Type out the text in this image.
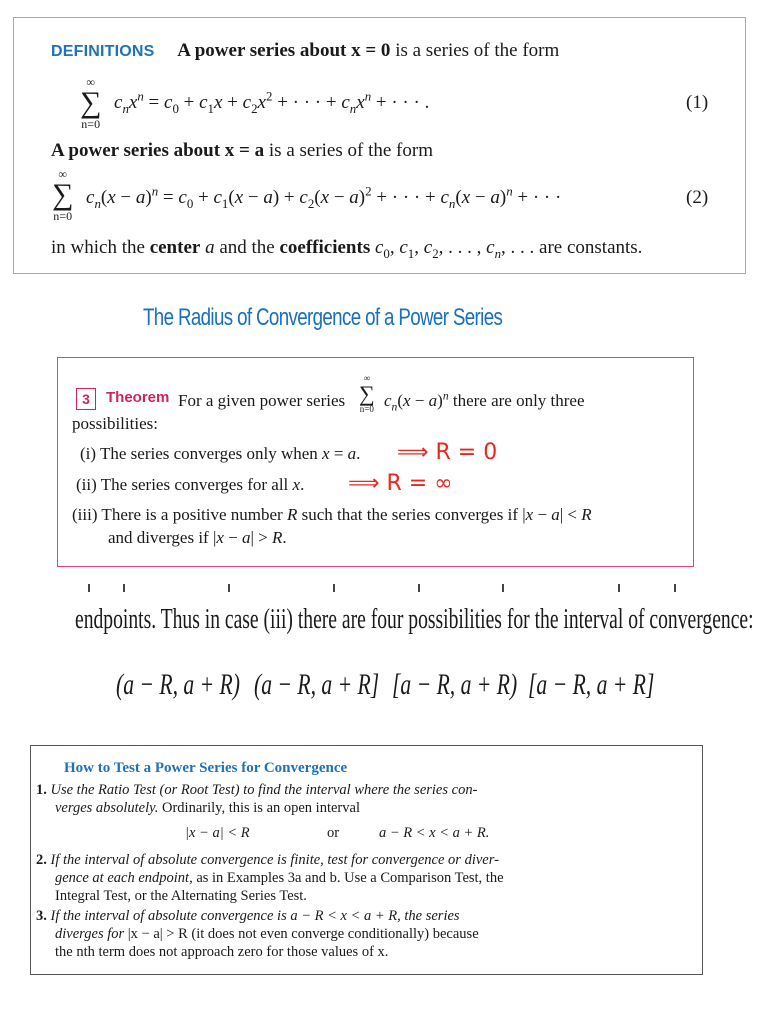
DEFINITIONS A power series about x = 0 is a series of the form
∞
∑
n=0
$c_nx^n = c_0 + c_1x + c_2x^2$ + · · · + $c_nx^n$ + · · · .	(1)
A power series about x = a is a series of the form
∞
∑
n=0
$c_n(x - a)^n = c_0 + c_1(x - a) + c_2(x - a)^2$ + · · · + $c_n(x - a)^n$ + · · ·	(2)
in which the center a and the coefficients $c_0$, $c_1$, $c_2$, . . . , $c_n$, . . . are constants.
The Radius of Convergence of a Power Series
3	Theorem For a given power series
∞
∑
n=0 $c_n(x - a)^n$ there are only three
possibilities:
(i) The series converges only when x = a. ⟹ R = 0
(ii) The series converges for all x. ⟹ R = ∞
(iii) There is a positive number R such that the series converges if |x − a| < R
and diverges if |x − a| > R.
endpoints. Thus in case (iii) there are four possibilities for the interval of convergence:
(a − R, a + R) (a − R, a + R] [a − R, a + R) [a − R, a + R]
How to Test a Power Series for Convergence
1. Use the Ratio Test (or Root Test) to find the interval where the series con-
verges absolutely. Ordinarily, this is an open interval
|x − a| < R	or	a − R < x < a + R.
2. If the interval of absolute convergence is finite, test for convergence or diver-
gence at each endpoint, as in Examples 3a and b. Use a Comparison Test, the
Integral Test, or the Alternating Series Test.
3. If the interval of absolute convergence is a − R < x < a + R, the series
diverges for |x − a| > R (it does not even converge conditionally) because
the nth term does not approach zero for those values of x.
